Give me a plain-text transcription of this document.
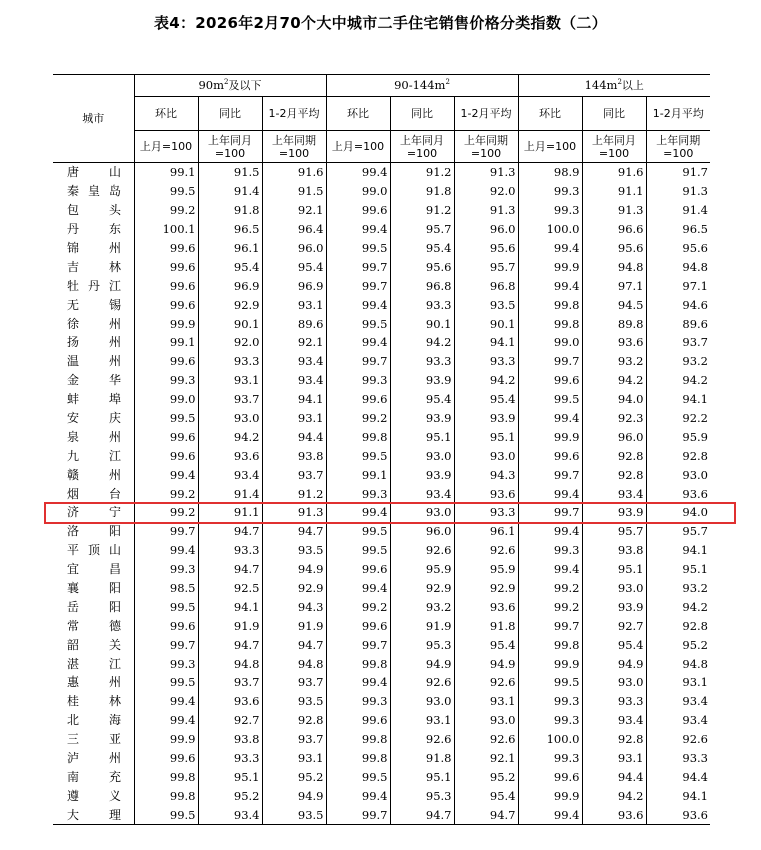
表4：2026年2月70个大中城市二手住宅销售价格分类指数（二）
城市	$90m^2$及以下			$90-144m^2$			$144m^2$以上		
	环比	同比	1-2月平均	环比	同比	1-2月平均	环比	同比	1-2月平均
	上月=100	上年同月=100	上年同期=100	上月=100	上年同月=100	上年同期=100	上月=100	上年同月=100	上年同期=100

唐山	99.1	91.5	91.6	99.4	91.2	91.3	98.9	91.6	91.7

秦皇岛	99.5	91.4	91.5	99.0	91.8	92.0	99.3	91.1	91.3

包头	99.2	91.8	92.1	99.6	91.2	91.3	99.3	91.3	91.4

丹东	100.1	96.5	96.4	99.4	95.7	96.0	100.0	96.6	96.5

锦州	99.6	96.1	96.0	99.5	95.4	95.6	99.4	95.6	95.6

吉林	99.6	95.4	95.4	99.7	95.6	95.7	99.9	94.8	94.8

牡丹江	99.6	96.9	96.9	99.7	96.8	96.8	99.4	97.1	97.1

无锡	99.6	92.9	93.1	99.4	93.3	93.5	99.8	94.5	94.6

徐州	99.9	90.1	89.6	99.5	90.1	90.1	99.8	89.8	89.6

扬州	99.1	92.0	92.1	99.4	94.2	94.1	99.0	93.6	93.7

温州	99.6	93.3	93.4	99.7	93.3	93.3	99.7	93.2	93.2

金华	99.3	93.1	93.4	99.3	93.9	94.2	99.6	94.2	94.2

蚌埠	99.0	93.7	94.1	99.6	95.4	95.4	99.5	94.0	94.1

安庆	99.5	93.0	93.1	99.2	93.9	93.9	99.4	92.3	92.2

泉州	99.6	94.2	94.4	99.8	95.1	95.1	99.9	96.0	95.9

九江	99.6	93.6	93.8	99.5	93.0	93.0	99.6	92.8	92.8

赣州	99.4	93.4	93.7	99.1	93.9	94.3	99.7	92.8	93.0

烟台	99.2	91.4	91.2	99.3	93.4	93.6	99.4	93.4	93.6

济宁	99.2	91.1	91.3	99.4	93.0	93.3	99.7	93.9	94.0

洛阳	99.7	94.7	94.7	99.5	96.0	96.1	99.4	95.7	95.7

平顶山	99.4	93.3	93.5	99.5	92.6	92.6	99.3	93.8	94.1

宜昌	99.3	94.7	94.9	99.6	95.9	95.9	99.4	95.1	95.1

襄阳	98.5	92.5	92.9	99.4	92.9	92.9	99.2	93.0	93.2

岳阳	99.5	94.1	94.3	99.2	93.2	93.6	99.2	93.9	94.2

常德	99.6	91.9	91.9	99.6	91.9	91.8	99.7	92.7	92.8

韶关	99.7	94.7	94.7	99.7	95.3	95.4	99.8	95.4	95.2

湛江	99.3	94.8	94.8	99.8	94.9	94.9	99.9	94.9	94.8

惠州	99.5	93.7	93.7	99.4	92.6	92.6	99.5	93.0	93.1

桂林	99.4	93.6	93.5	99.3	93.0	93.1	99.3	93.3	93.4

北海	99.4	92.7	92.8	99.6	93.1	93.0	99.3	93.4	93.4

三亚	99.9	93.8	93.7	99.8	92.6	92.6	100.0	92.8	92.6

泸州	99.6	93.3	93.1	99.8	91.8	92.1	99.3	93.1	93.3

南充	99.8	95.1	95.2	99.5	95.1	95.2	99.6	94.4	94.4

遵义	99.8	95.2	94.9	99.4	95.3	95.4	99.9	94.2	94.1

大理	99.5	93.4	93.5	99.7	94.7	94.7	99.4	93.6	93.6
